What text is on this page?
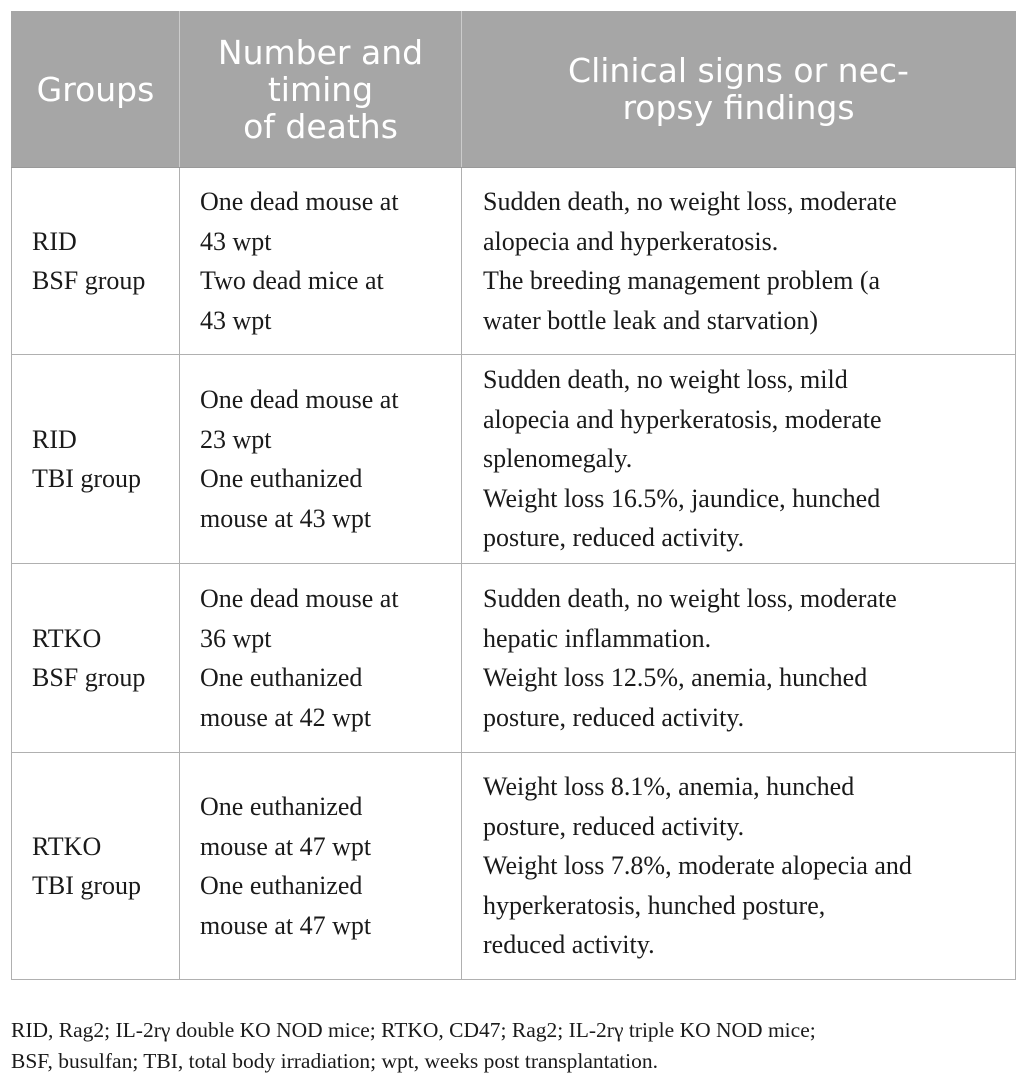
Groups	Number and
timing
of deaths	Clinical signs or nec-
ropsy findings

RID
BSF group	One dead mouse at
43 wpt
Two dead mice at
43 wpt	Sudden death, no weight loss, moderate
alopecia and hyperkeratosis.
The breeding management problem (a
water bottle leak and starvation)

RID
TBI group	One dead mouse at
23 wpt
One euthanized
mouse at 43 wpt	Sudden death, no weight loss, mild
alopecia and hyperkeratosis, moderate
splenomegaly.
Weight loss 16.5%, jaundice, hunched
posture, reduced activity.

RTKO
BSF group	One dead mouse at
36 wpt
One euthanized
mouse at 42 wpt	Sudden death, no weight loss, moderate
hepatic inflammation.
Weight loss 12.5%, anemia, hunched
posture, reduced activity.

RTKO
TBI group	One euthanized
mouse at 47 wpt
One euthanized
mouse at 47 wpt	Weight loss 8.1%, anemia, hunched
posture, reduced activity.
Weight loss 7.8%, moderate alopecia and
hyperkeratosis, hunched posture,
reduced activity.
RID, Rag2; IL-2rγ double KO NOD mice; RTKO, CD47; Rag2; IL-2rγ triple KO NOD mice;
BSF, busulfan; TBI, total body irradiation; wpt, weeks post transplantation.
